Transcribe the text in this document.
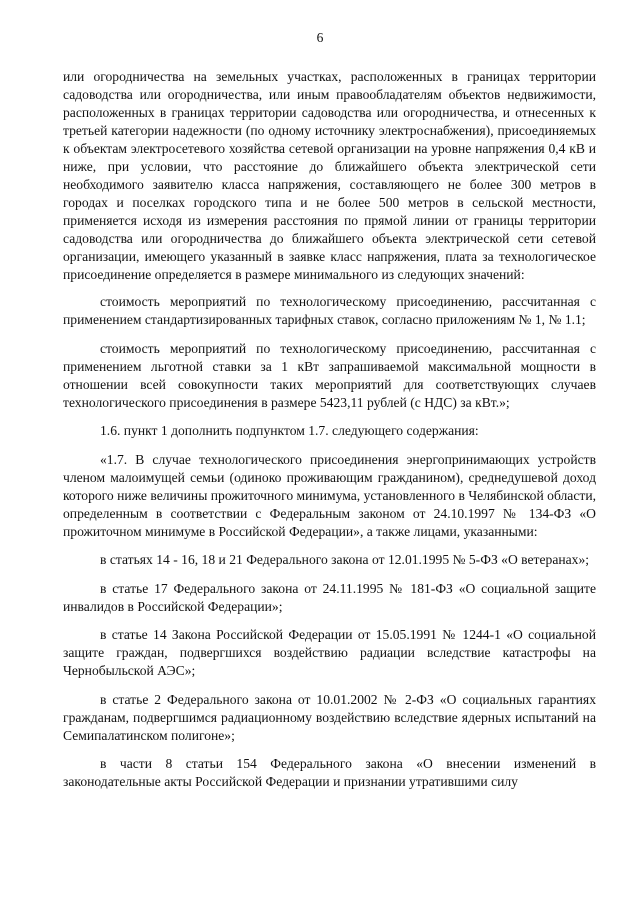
6

или огородничества на земельных участках, расположенных в границах территории садоводства или огородничества, или иным правообладателям объектов недвижимости, расположенных в границах территории садоводства или огородничества, и отнесенных к третьей категории надежности (по одному источнику электроснабжения), присоединяемых к объектам электросетевого хозяйства сетевой организации на уровне напряжения 0,4 кВ и ниже, при условии, что расстояние до ближайшего объекта электрической сети необходимого заявителю класса напряжения, составляющего не более 300 метров в городах и поселках городского типа и не более 500 метров в сельской местности, применяется исходя из измерения расстояния по прямой линии от границы территории садоводства или огородничества до ближайшего объекта электрической сети сетевой организации, имеющего указанный в заявке класс напряжения, плата за технологическое присоединение определяется в размере минимального из следующих значений:

стоимость мероприятий по технологическому присоединению, рассчитанная с применением стандартизированных тарифных ставок, согласно приложениям № 1, № 1.1;

стоимость мероприятий по технологическому присоединению, рассчитанная с применением льготной ставки за 1 кВт запрашиваемой максимальной мощности в отношении всей совокупности таких мероприятий для соответствующих случаев технологического присоединения в размере 5423,11 рублей (с НДС) за кВт.»;

1.6. пункт 1 дополнить подпунктом 1.7. следующего содержания:

«1.7. В случае технологического присоединения энергопринимающих устройств членом малоимущей семьи (одиноко проживающим гражданином), среднедушевой доход которого ниже величины прожиточного минимума, установленного в Челябинской области, определенным в соответствии с Федеральным законом от 24.10.1997 № 134-ФЗ «О прожиточном минимуме в Российской Федерации», а также лицами, указанными:

в статьях 14 - 16, 18 и 21 Федерального закона от 12.01.1995 № 5-ФЗ «О ветеранах»;

в статье 17 Федерального закона от 24.11.1995 № 181-ФЗ «О социальной защите инвалидов в Российской Федерации»;

в статье 14 Закона Российской Федерации от 15.05.1991 № 1244-1 «О социальной защите граждан, подвергшихся воздействию радиации вследствие катастрофы на Чернобыльской АЭС»;

в статье 2 Федерального закона от 10.01.2002 № 2-ФЗ «О социальных гарантиях гражданам, подвергшимся радиационному воздействию вследствие ядерных испытаний на Семипалатинском полигоне»;

в части 8 статьи 154 Федерального закона «О внесении изменений в законодательные акты Российской Федерации и признании утратившими силу
